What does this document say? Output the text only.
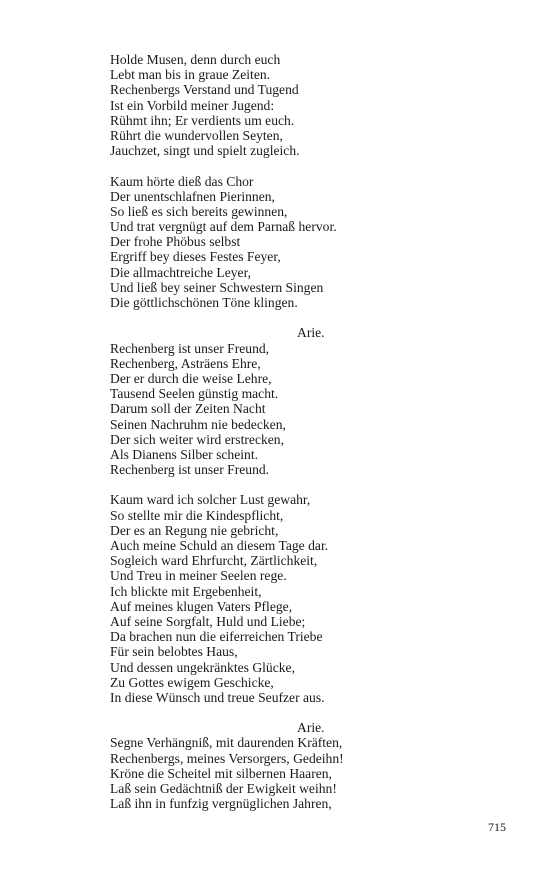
Holde Musen, denn durch euch
Lebt man bis in graue Zeiten.
Rechenbergs Verstand und Tugend
Ist ein Vorbild meiner Jugend:
Rühmt ihn; Er verdients um euch.
Rührt die wundervollen Seyten,
Jauchzet, singt und spielt zugleich.
Kaum hörte dieß das Chor
Der unentschlafnen Pierinnen,
So ließ es sich bereits gewinnen,
Und trat vergnügt auf dem Parnaß hervor.
Der frohe Phöbus selbst
Ergriff bey dieses Festes Feyer,
Die allmachtreiche Leyer,
Und ließ bey seiner Schwestern Singen
Die göttlichschönen Töne klingen.
Arie.
Rechenberg ist unser Freund,
Rechenberg, Asträens Ehre,
Der er durch die weise Lehre,
Tausend Seelen günstig macht.
Darum soll der Zeiten Nacht
Seinen Nachruhm nie bedecken,
Der sich weiter wird erstrecken,
Als Dianens Silber scheint.
Rechenberg ist unser Freund.
Kaum ward ich solcher Lust gewahr,
So stellte mir die Kindespflicht,
Der es an Regung nie gebricht,
Auch meine Schuld an diesem Tage dar.
Sogleich ward Ehrfurcht, Zärtlichkeit,
Und Treu in meiner Seelen rege.
Ich blickte mit Ergebenheit,
Auf meines klugen Vaters Pflege,
Auf seine Sorgfalt, Huld und Liebe;
Da brachen nun die eiferreichen Triebe
Für sein belobtes Haus,
Und dessen ungekränktes Glücke,
Zu Gottes ewigem Geschicke,
In diese Wünsch und treue Seufzer aus.
Arie.
Segne Verhängniß, mit daurenden Kräften,
Rechenbergs, meines Versorgers, Gedeihn!
Kröne die Scheitel mit silbernen Haaren,
Laß sein Gedächtniß der Ewigkeit weihn!
Laß ihn in funfzig vergnüglichen Jahren,
715
